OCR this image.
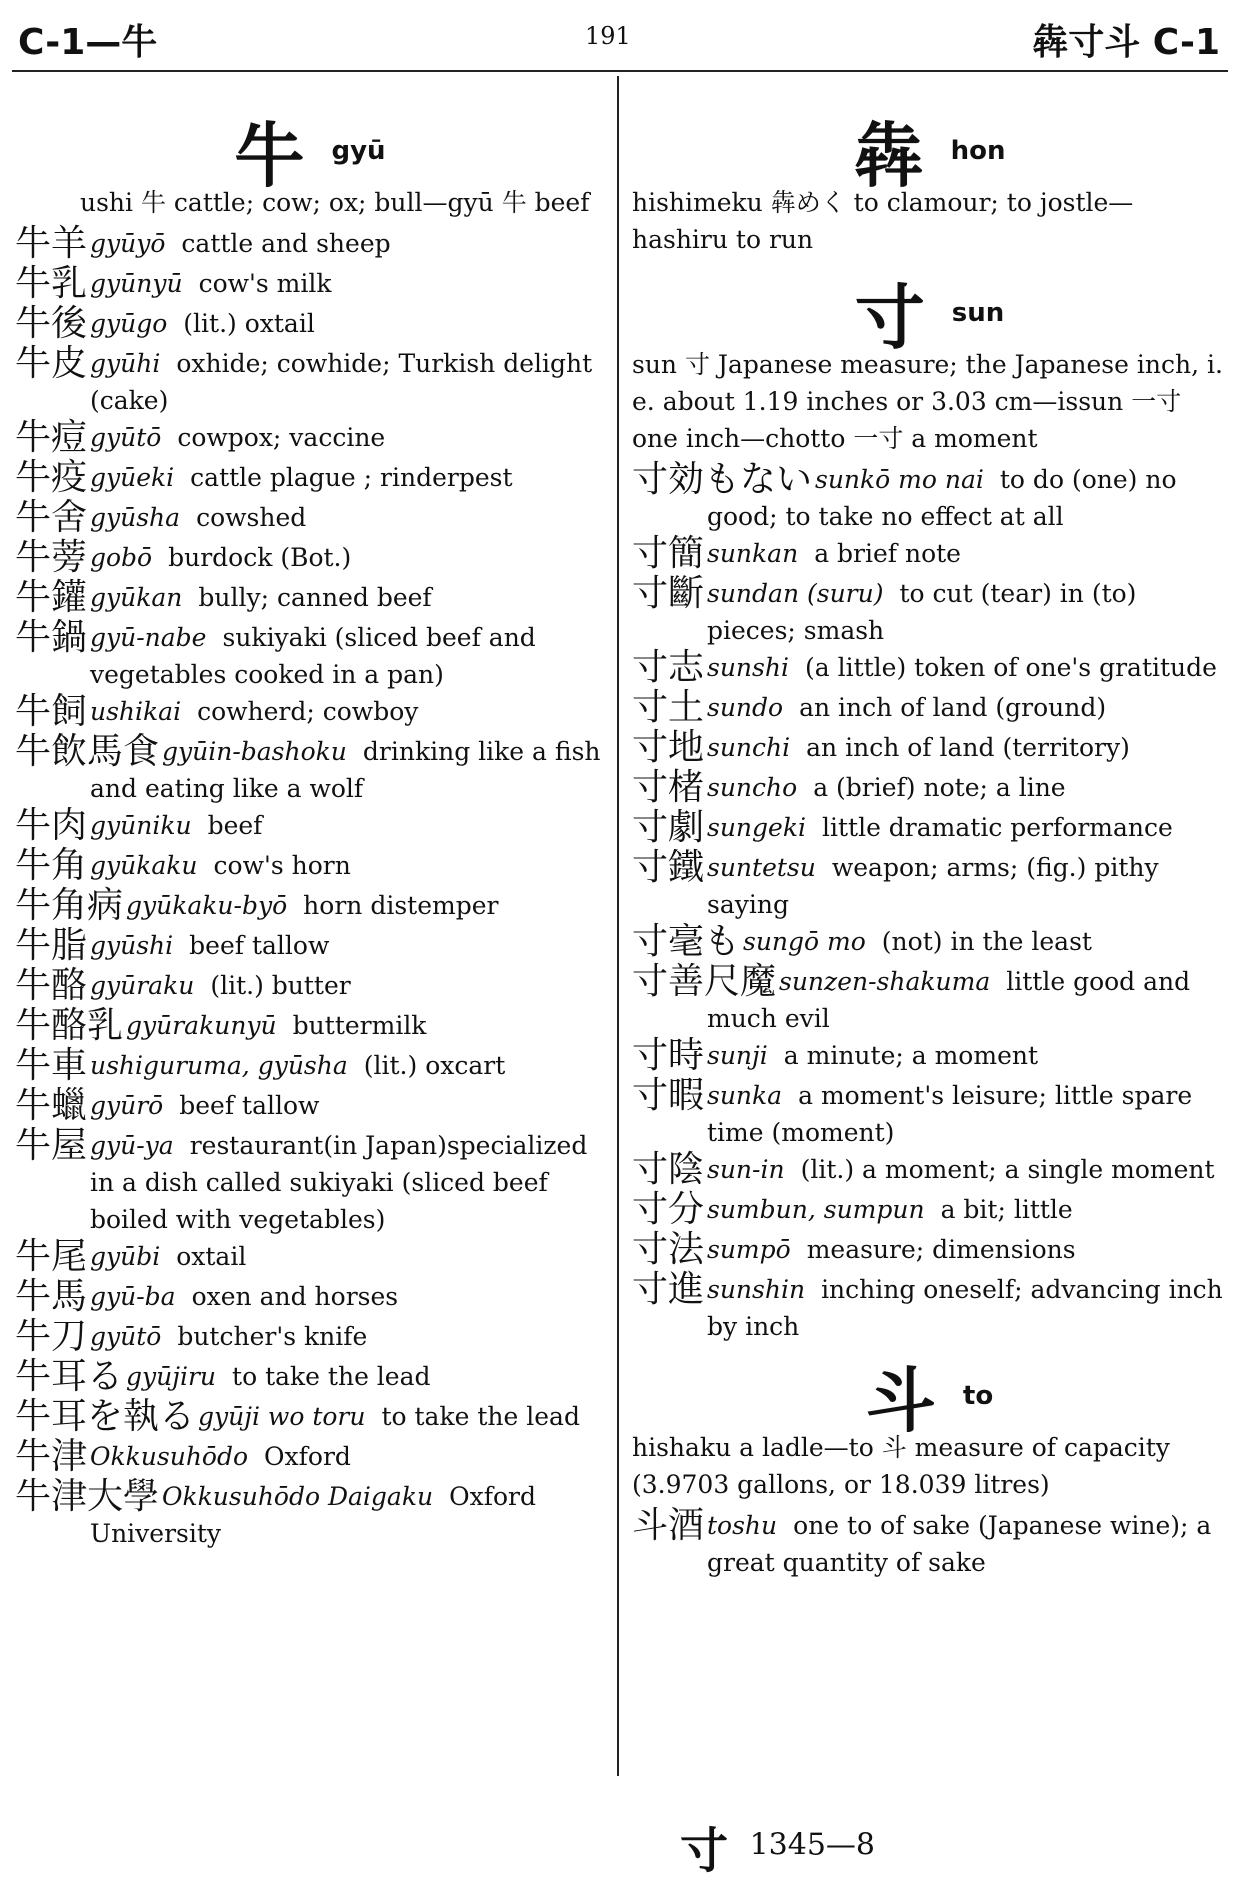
C-1—牛	191	犇寸斗 C-1
牛 gyū
ushi 牛 cattle; cow; ox; bull—gyū 牛 beef
牛羊 gyūyō cattle and sheep
牛乳 gyūnyū cow's milk
牛後 gyūgo (lit.) oxtail
牛皮 gyūhi oxhide; cowhide; Turkish delight (cake)
牛痘 gyūtō cowpox; vaccine
牛疫 gyūeki cattle plague ; rinderpest
牛舍 gyūsha cowshed
牛蒡 gobō burdock (Bot.)
牛鑵 gyūkan bully; canned beef
牛鍋 gyū-nabe sukiyaki (sliced beef and vegetables cooked in a pan)
牛飼 ushikai cowherd; cowboy
牛飲馬食 gyūin-bashoku drinking like a fish and eating like a wolf
牛肉 gyūniku beef
牛角 gyūkaku cow's horn
牛角病 gyūkaku-byō horn distemper
牛脂 gyūshi beef tallow
牛酪 gyūraku (lit.) butter
牛酪乳 gyūrakunyū buttermilk
牛車 ushiguruma, gyūsha (lit.) oxcart
牛蠟 gyūrō beef tallow
牛屋 gyū-ya restaurant(in Japan)specialized in a dish called sukiyaki (sliced beef boiled with vegetables)
牛尾 gyūbi oxtail
牛馬 gyū-ba oxen and horses
牛刀 gyūtō butcher's knife
牛耳る gyūjiru to take the lead
牛耳を執る gyūji wo toru to take the lead
牛津 Okkusuhōdo Oxford
牛津大學 Okkusuhōdo Daigaku Oxford University
犇 hon
hishimeku 犇めく to clamour; to jostle—hashiru to run
寸 sun
sun 寸 Japanese measure; the Japanese inch, i. e. about 1.19 inches or 3.03 cm—issun 一寸 one inch—chotto 一寸 a moment
寸効もない sunkō mo nai to do (one) no good; to take no effect at all
寸簡 sunkan a brief note
寸斷 sundan (suru) to cut (tear) in (to) pieces; smash
寸志 sunshi (a little) token of one's gratitude
寸土 sundo an inch of land (ground)
寸地 sunchi an inch of land (territory)
寸楮 suncho a (brief) note; a line
寸劇 sungeki little dramatic performance
寸鐵 suntetsu weapon; arms; (fig.) pithy saying
寸毫も sungō mo (not) in the least
寸善尺魔 sunzen-shakuma little good and much evil
寸時 sunji a minute; a moment
寸暇 sunka a moment's leisure; little spare time (moment)
寸陰 sun-in (lit.) a moment; a single moment
寸分 sumbun, sumpun a bit; little
寸法 sumpō measure; dimensions
寸進 sunshin inching oneself; advancing inch by inch
斗 to
hishaku a ladle—to 斗 measure of capacity (3.9703 gallons, or 18.039 litres)
斗酒 toshu one to of sake (Japanese wine); a great quantity of sake
寸 1345—8
